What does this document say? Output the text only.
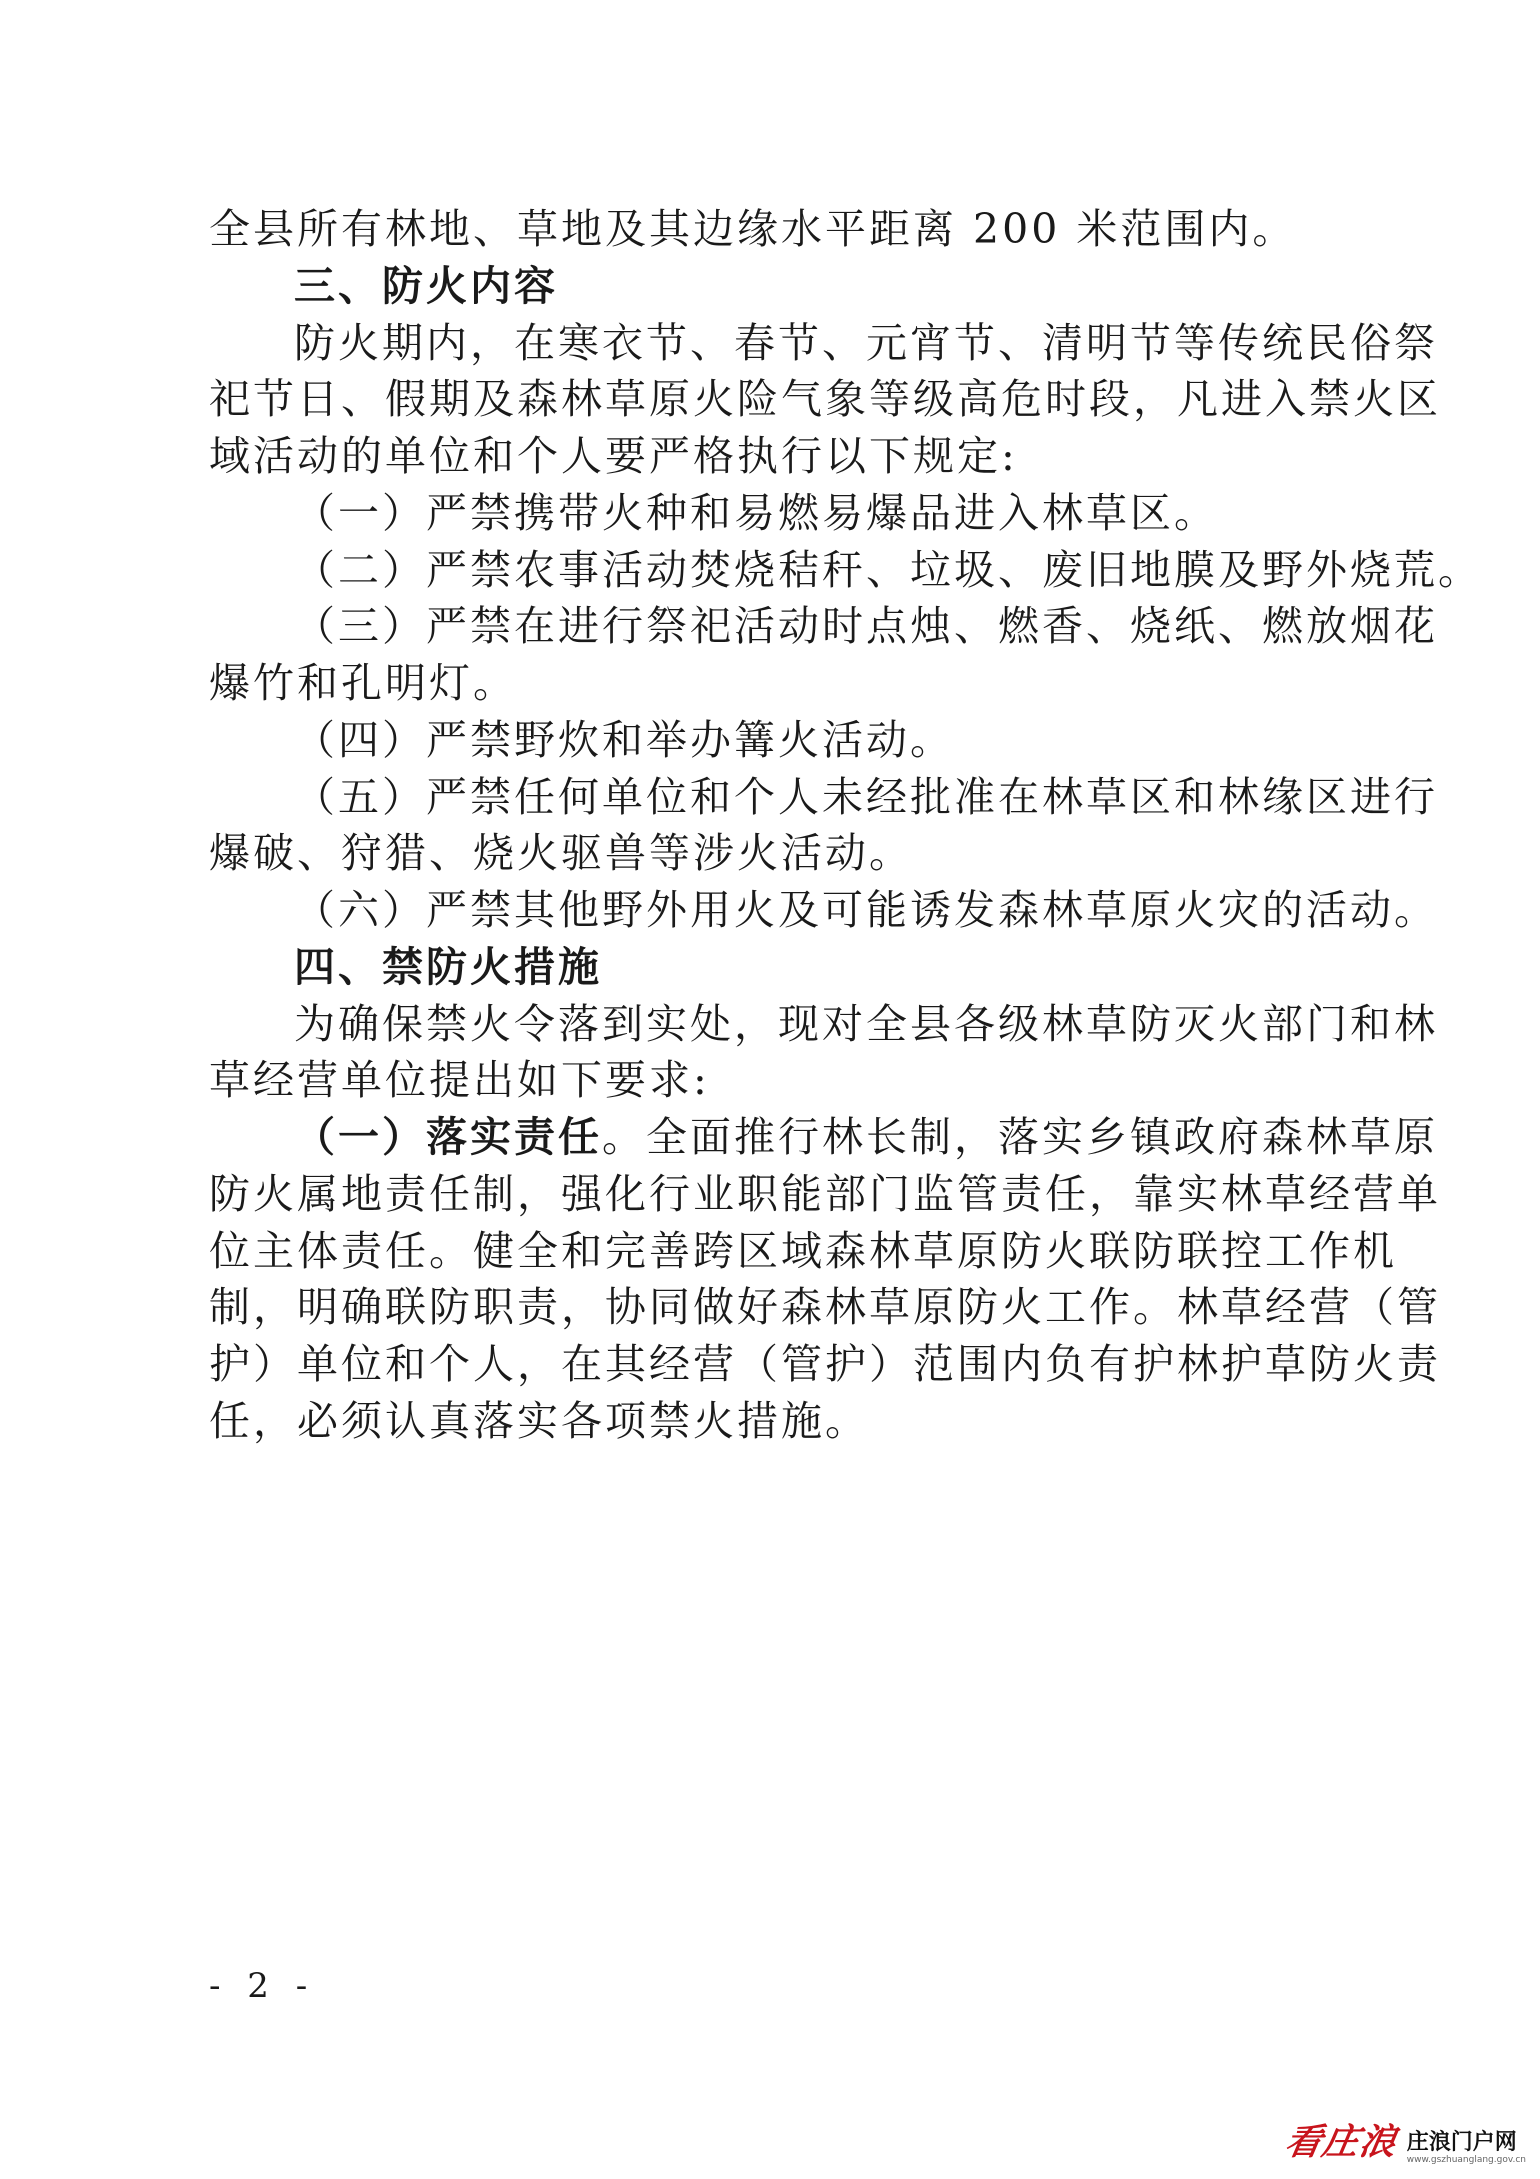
全县所有林地、草地及其边缘水平距离 200 米范围内。

三、防火内容

防火期内，在寒衣节、春节、元宵节、清明节等传统民俗祭

祀节日、假期及森林草原火险气象等级高危时段，凡进入禁火区

域活动的单位和个人要严格执行以下规定:

（一）严禁携带火种和易燃易爆品进入林草区。

（二）严禁农事活动焚烧秸秆、垃圾、废旧地膜及野外烧荒。

（三）严禁在进行祭祀活动时点烛、燃香、烧纸、燃放烟花

爆竹和孔明灯。

（四）严禁野炊和举办篝火活动。

（五）严禁任何单位和个人未经批准在林草区和林缘区进行

爆破、狩猎、烧火驱兽等涉火活动。

（六）严禁其他野外用火及可能诱发森林草原火灾的活动。

四、禁防火措施

为确保禁火令落到实处，现对全县各级林草防灭火部门和林

草经营单位提出如下要求:

（一）落实责任。全面推行林长制，落实乡镇政府森林草原

防火属地责任制，强化行业职能部门监管责任，靠实林草经营单

位主体责任。健全和完善跨区域森林草原防火联防联控工作机

制，明确联防职责，协同做好森林草原防火工作。林草经营（管

护）单位和个人，在其经营（管护）范围内负有护林护草防火责

任，必须认真落实各项禁火措施。

- 2 -

看庄浪 庄浪门户网
www.gszhuanglang.gov.cn
